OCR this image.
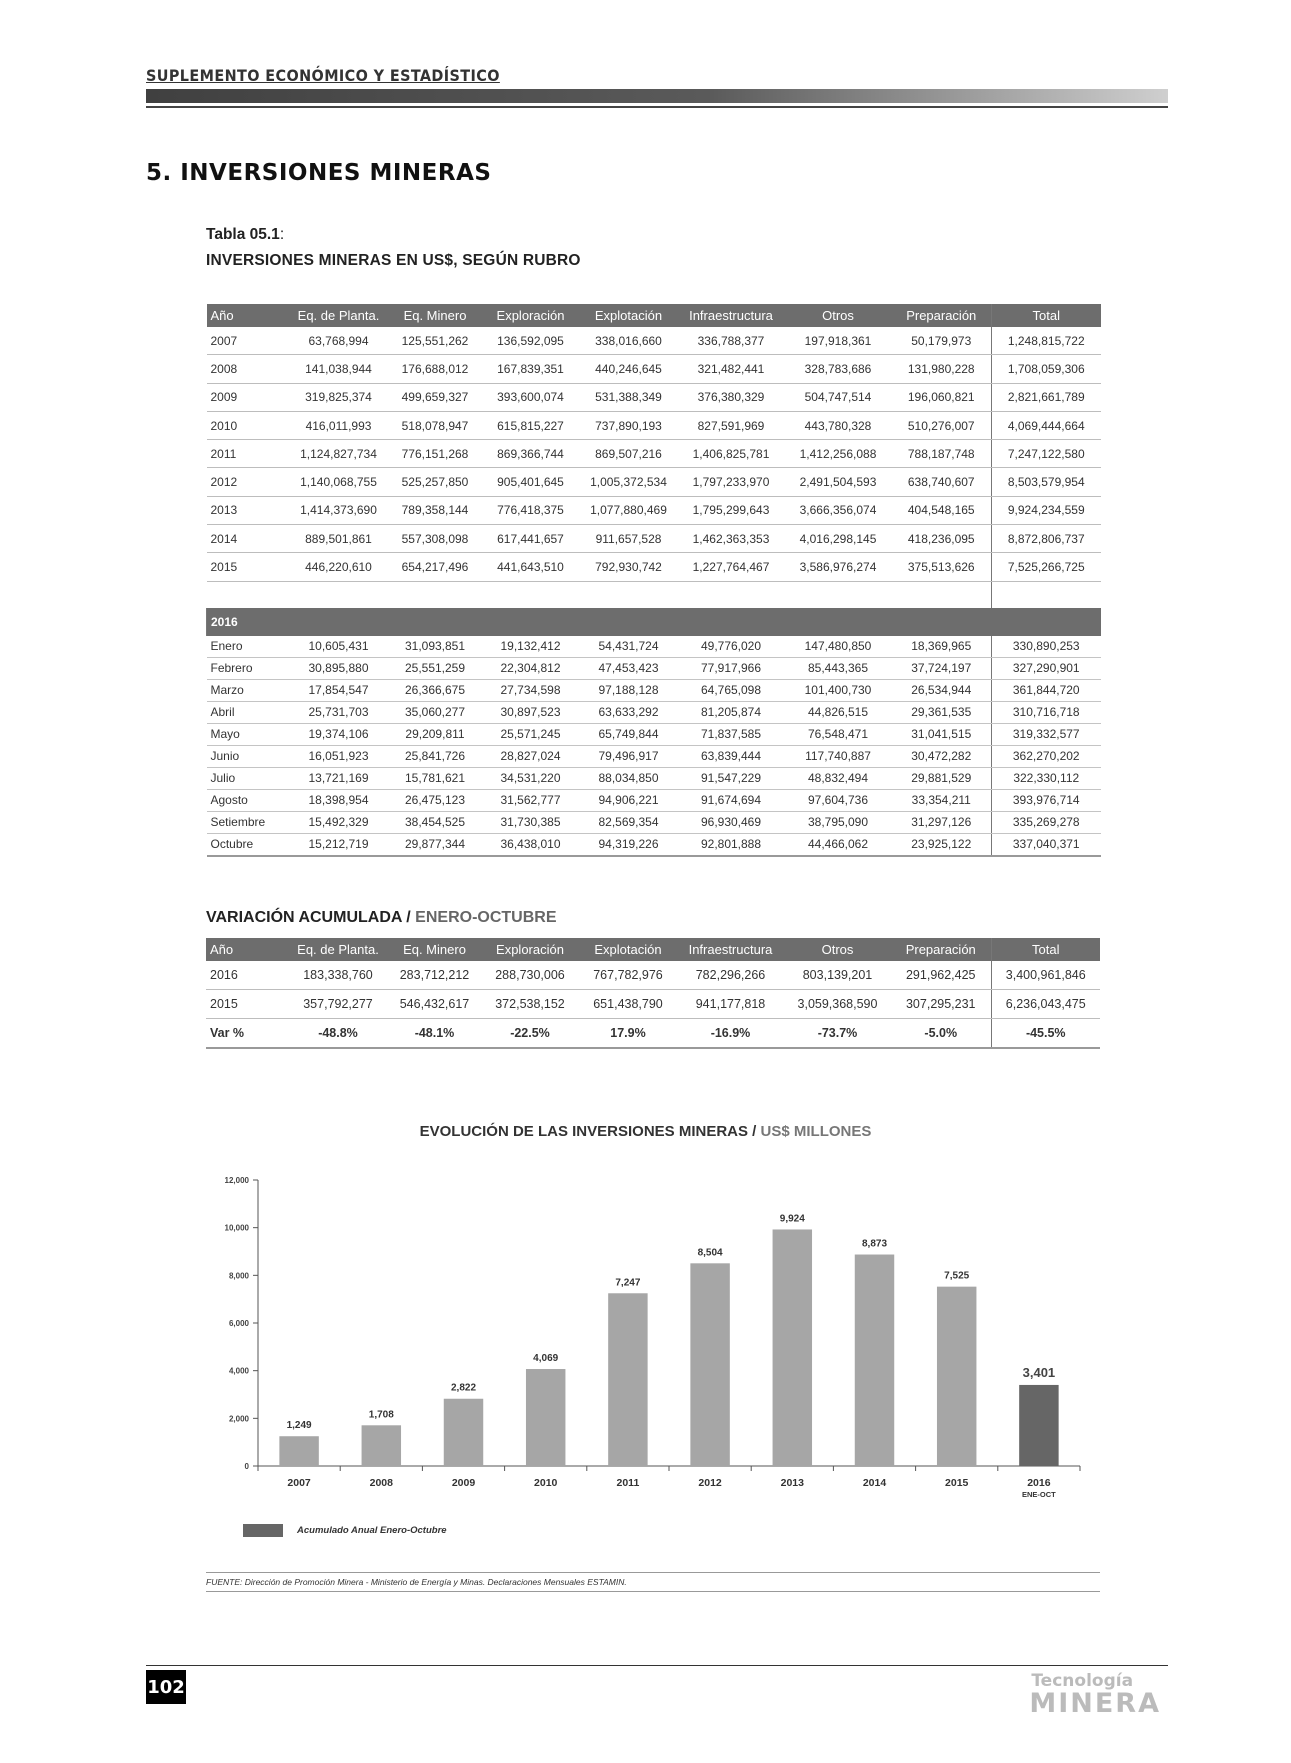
SUPLEMENTO ECONÓMICO Y ESTADÍSTICO
5. INVERSIONES MINERAS
Tabla 05.1:
INVERSIONES MINERAS EN US$, SEGÚN RUBRO
Año	Eq. de Planta.	Eq. Minero	Exploración	Explotación	Infraestructura	Otros	Preparación	Total
2007	63,768,994	125,551,262	136,592,095	338,016,660	336,788,377	197,918,361	50,179,973	1,248,815,722
2008	141,038,944	176,688,012	167,839,351	440,246,645	321,482,441	328,783,686	131,980,228	1,708,059,306
2009	319,825,374	499,659,327	393,600,074	531,388,349	376,380,329	504,747,514	196,060,821	2,821,661,789
2010	416,011,993	518,078,947	615,815,227	737,890,193	827,591,969	443,780,328	510,276,007	4,069,444,664
2011	1,124,827,734	776,151,268	869,366,744	869,507,216	1,406,825,781	1,412,256,088	788,187,748	7,247,122,580
2012	1,140,068,755	525,257,850	905,401,645	1,005,372,534	1,797,233,970	2,491,504,593	638,740,607	8,503,579,954
2013	1,414,373,690	789,358,144	776,418,375	1,077,880,469	1,795,299,643	3,666,356,074	404,548,165	9,924,234,559
2014	889,501,861	557,308,098	617,441,657	911,657,528	1,462,363,353	4,016,298,145	418,236,095	8,872,806,737
2015	446,220,610	654,217,496	441,643,510	792,930,742	1,227,764,467	3,586,976,274	375,513,626	7,525,266,725

2016								
Enero	10,605,431	31,093,851	19,132,412	54,431,724	49,776,020	147,480,850	18,369,965	330,890,253
Febrero	30,895,880	25,551,259	22,304,812	47,453,423	77,917,966	85,443,365	37,724,197	327,290,901
Marzo	17,854,547	26,366,675	27,734,598	97,188,128	64,765,098	101,400,730	26,534,944	361,844,720
Abril	25,731,703	35,060,277	30,897,523	63,633,292	81,205,874	44,826,515	29,361,535	310,716,718
Mayo	19,374,106	29,209,811	25,571,245	65,749,844	71,837,585	76,548,471	31,041,515	319,332,577
Junio	16,051,923	25,841,726	28,827,024	79,496,917	63,839,444	117,740,887	30,472,282	362,270,202
Julio	13,721,169	15,781,621	34,531,220	88,034,850	91,547,229	48,832,494	29,881,529	322,330,112
Agosto	18,398,954	26,475,123	31,562,777	94,906,221	91,674,694	97,604,736	33,354,211	393,976,714
Setiembre	15,492,329	38,454,525	31,730,385	82,569,354	96,930,469	38,795,090	31,297,126	335,269,278
Octubre	15,212,719	29,877,344	36,438,010	94,319,226	92,801,888	44,466,062	23,925,122	337,040,371
VARIACIÓN ACUMULADA / ENERO-OCTUBRE
Año	Eq. de Planta.	Eq. Minero	Exploración	Explotación	Infraestructura	Otros	Preparación	Total
2016	183,338,760	283,712,212	288,730,006	767,782,976	782,296,266	803,139,201	291,962,425	3,400,961,846
2015	357,792,277	546,432,617	372,538,152	651,438,790	941,177,818	3,059,368,590	307,295,231	6,236,043,475
Var %	-48.8%	-48.1%	-22.5%	17.9%	-16.9%	-73.7%	-5.0%	-45.5%
EVOLUCIÓN DE LAS INVERSIONES MINERAS / US$ MILLONES
0
2,000
4,000
6,000
8,000
10,000
12,000
1,249
2007
1,708
2008
2,822
2009
4,069
2010
7,247
2011
8,504
2012
9,924
2013
8,873
2014
7,525
2015
3,401
2016
ENE-OCT
Acumulado Anual Enero-Octubre
FUENTE: Dirección de Promoción Minera - Ministerio de Energía y Minas. Declaraciones Mensuales ESTAMIN.
102	Tecnología
MINERA
